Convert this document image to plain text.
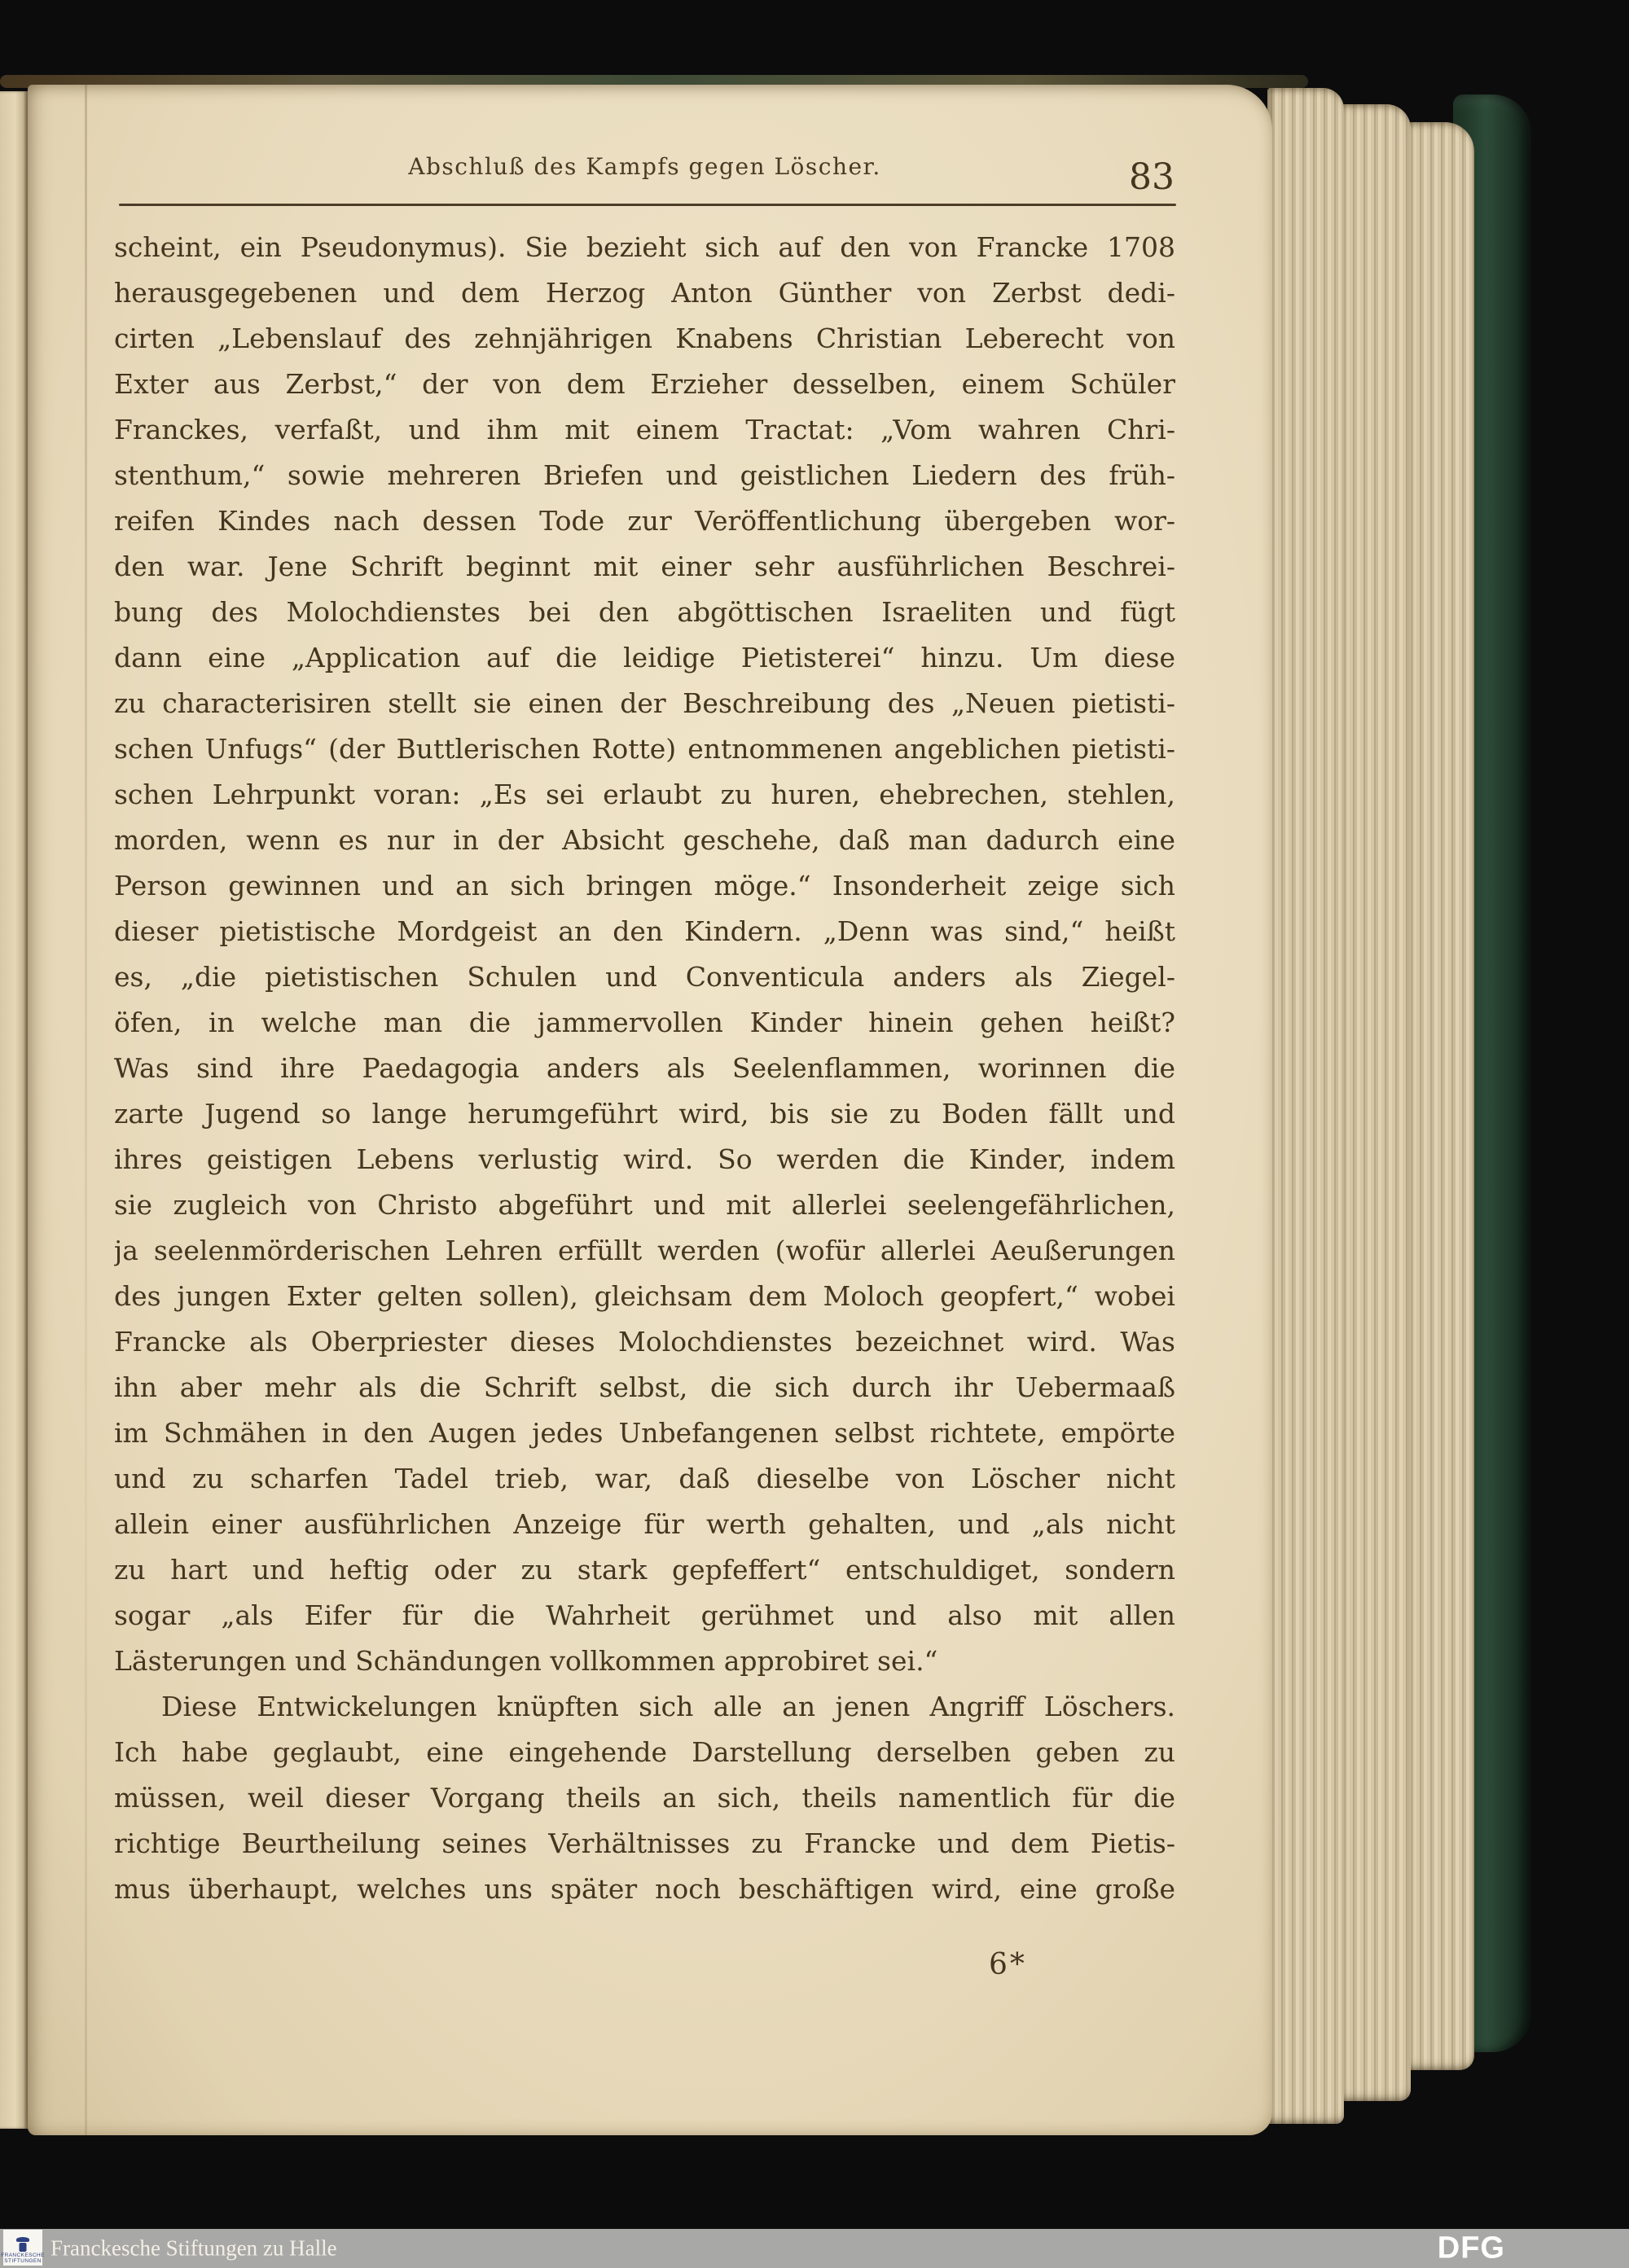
Abschluß des Kampfs gegen Löscher.	83
scheint, ein Pseudonymus). Sie bezieht sich auf den von Francke 1708
herausgegebenen und dem Herzog Anton Günther von Zerbst dedi-
cirten „Lebenslauf des zehnjährigen Knabens Christian Leberecht von
Exter aus Zerbst,“ der von dem Erzieher desselben, einem Schüler
Franckes, verfaßt, und ihm mit einem Tractat: „Vom wahren Chri-
stenthum,“ sowie mehreren Briefen und geistlichen Liedern des früh-
reifen Kindes nach dessen Tode zur Veröffentlichung übergeben wor-
den war. Jene Schrift beginnt mit einer sehr ausführlichen Beschrei-
bung des Molochdienstes bei den abgöttischen Israeliten und fügt
dann eine „Application auf die leidige Pietisterei“ hinzu. Um diese
zu characterisiren stellt sie einen der Beschreibung des „Neuen pietisti-
schen Unfugs“ (der Buttlerischen Rotte) entnommenen angeblichen pietisti-
schen Lehrpunkt voran: „Es sei erlaubt zu huren, ehebrechen, stehlen,
morden, wenn es nur in der Absicht geschehe, daß man dadurch eine
Person gewinnen und an sich bringen möge.“ Insonderheit zeige sich
dieser pietistische Mordgeist an den Kindern. „Denn was sind,“ heißt
es, „die pietistischen Schulen und Conventicula anders als Ziegel-
öfen, in welche man die jammervollen Kinder hinein gehen heißt?
Was sind ihre Paedagogia anders als Seelenflammen, worinnen die
zarte Jugend so lange herumgeführt wird, bis sie zu Boden fällt und
ihres geistigen Lebens verlustig wird. So werden die Kinder, indem
sie zugleich von Christo abgeführt und mit allerlei seelengefährlichen,
ja seelenmörderischen Lehren erfüllt werden (wofür allerlei Aeußerungen
des jungen Exter gelten sollen), gleichsam dem Moloch geopfert,“ wobei
Francke als Oberpriester dieses Molochdienstes bezeichnet wird. Was
ihn aber mehr als die Schrift selbst, die sich durch ihr Uebermaaß
im Schmähen in den Augen jedes Unbefangenen selbst richtete, empörte
und zu scharfen Tadel trieb, war, daß dieselbe von Löscher nicht
allein einer ausführlichen Anzeige für werth gehalten, und „als nicht
zu hart und heftig oder zu stark gepfeffert“ entschuldiget, sondern
sogar „als Eifer für die Wahrheit gerühmet und also mit allen
Lästerungen und Schändungen vollkommen approbiret sei.“
Diese Entwickelungen knüpften sich alle an jenen Angriff Löschers.
Ich habe geglaubt, eine eingehende Darstellung derselben geben zu
müssen, weil dieser Vorgang theils an sich, theils namentlich für die
richtige Beurtheilung seines Verhältnisses zu Francke und dem Pietis-
mus überhaupt, welches uns später noch beschäftigen wird, eine große
6*
FRANCKESCHE
STIFTUNGEN
Franckesche Stiftungen zu Halle	DFG
